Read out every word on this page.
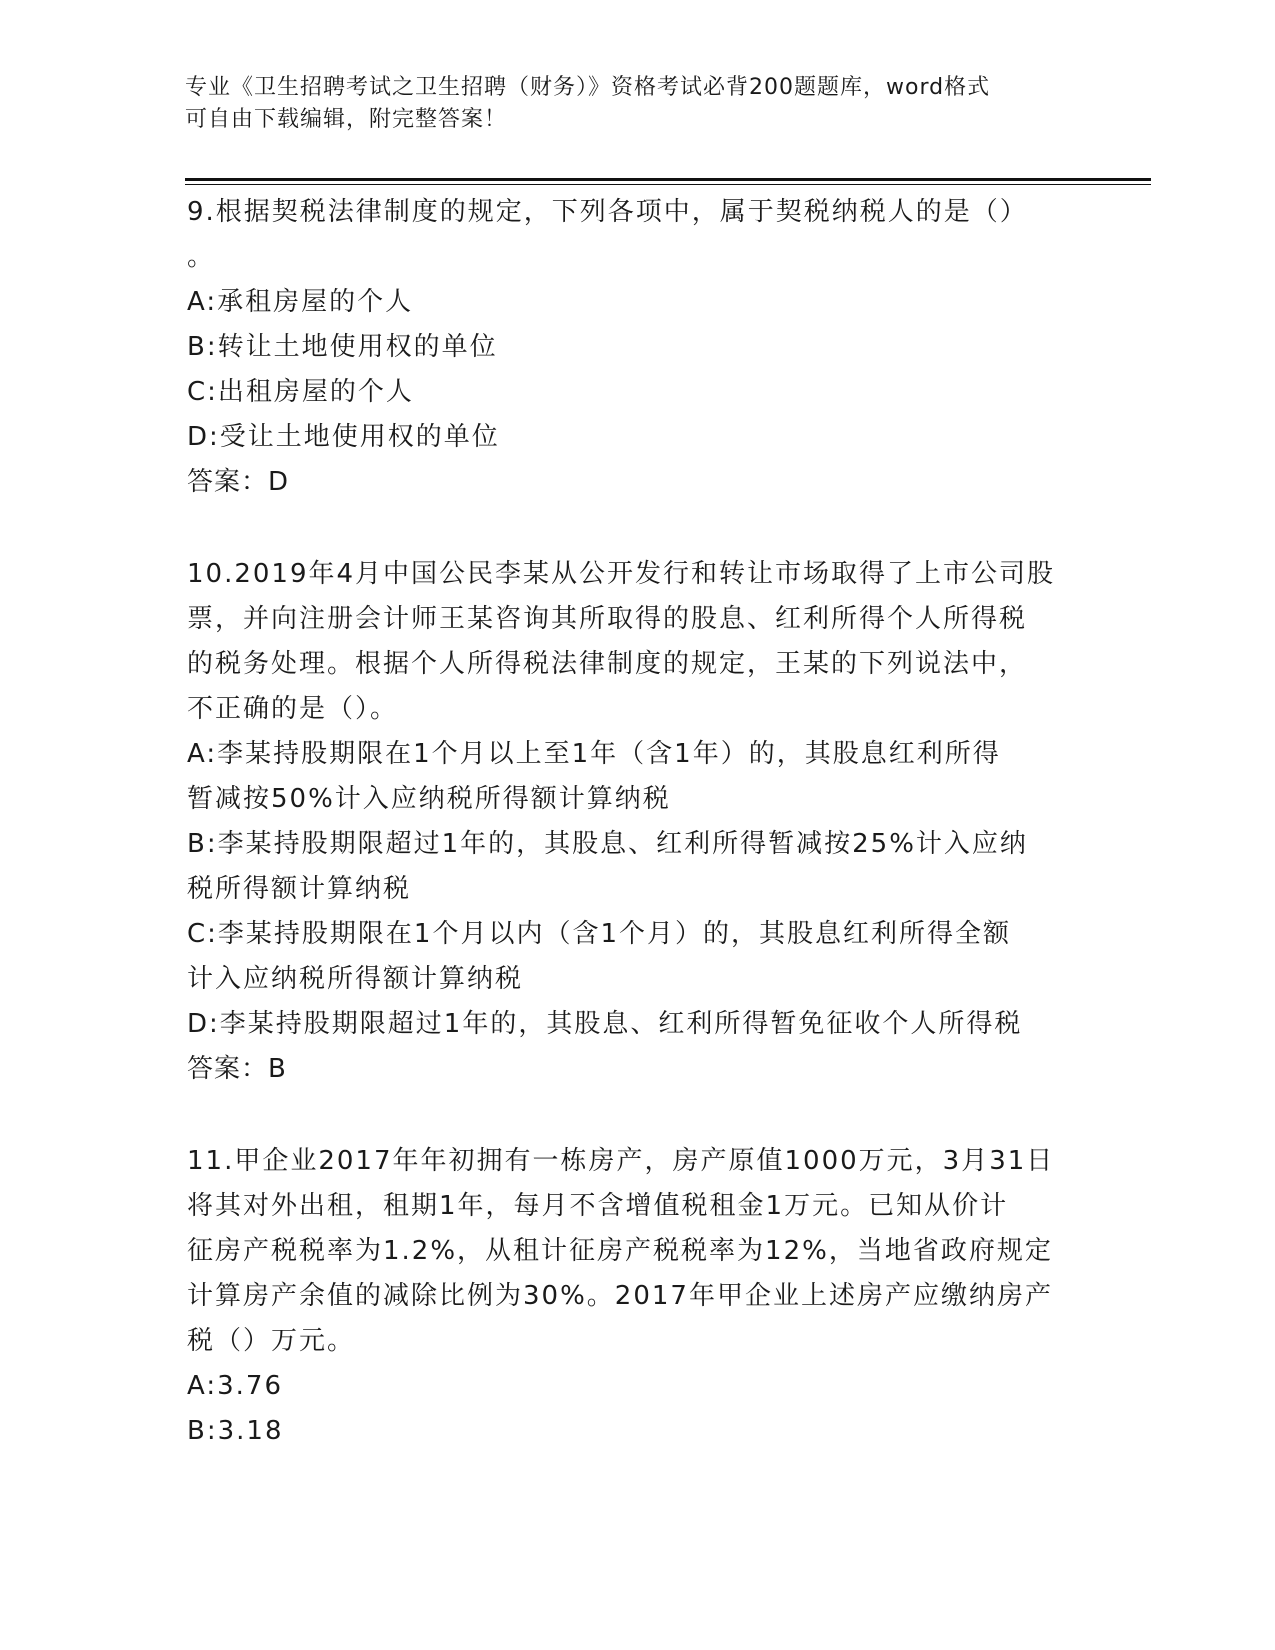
专业《卫生招聘考试之卫生招聘（财务）》资格考试必背200题题库，word格式

可自由下载编辑，附完整答案！

9.根据契税法律制度的规定，下列各项中，属于契税纳税人的是（）

。

A:承租房屋的个人

B:转让土地使用权的单位

C:出租房屋的个人

D:受让土地使用权的单位

答案：D

10.2019年4月中国公民李某从公开发行和转让市场取得了上市公司股

票，并向注册会计师王某咨询其所取得的股息、红利所得个人所得税

的税务处理。根据个人所得税法律制度的规定，王某的下列说法中，

不正确的是（）。

A:李某持股期限在1个月以上至1年（含1年）的，其股息红利所得

暂减按50%计入应纳税所得额计算纳税

B:李某持股期限超过1年的，其股息、红利所得暂减按25%计入应纳

税所得额计算纳税

C:李某持股期限在1个月以内（含1个月）的，其股息红利所得全额

计入应纳税所得额计算纳税

D:李某持股期限超过1年的，其股息、红利所得暂免征收个人所得税

答案：B

11.甲企业2017年年初拥有一栋房产，房产原值1000万元，3月31日

将其对外出租，租期1年，每月不含增值税租金1万元。已知从价计

征房产税税率为1.2%，从租计征房产税税率为12%，当地省政府规定

计算房产余值的减除比例为30%。2017年甲企业上述房产应缴纳房产

税（）万元。

A:3.76

B:3.18
